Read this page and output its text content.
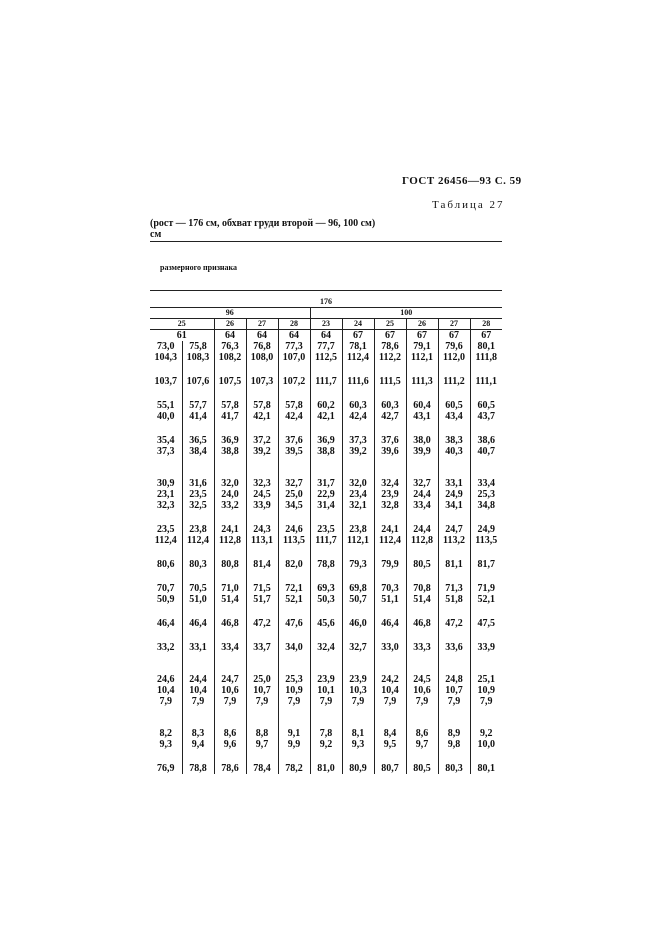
ГОСТ 26456—93 С. 59
Таблица 27
(рост — 176 см, обхват груди второй — 96, 100 см)
см
размерного признака
176										
96					100					
25		26	27	28	23	24	25	26	27	28
61		64	64	64	64	67	67	67	67	67
73,0	75,8	76,3	76,8	77,3	77,7	78,1	78,6	79,1	79,6	80,1
104,3	108,3	108,2	108,0	107,0	112,5	112,4	112,2	112,1	112,0	111,8

103,7	107,6	107,5	107,3	107,2	111,7	111,6	111,5	111,3	111,2	111,1

55,1	57,7	57,8	57,8	57,8	60,2	60,3	60,3	60,4	60,5	60,5
40,0	41,4	41,7	42,1	42,4	42,1	42,4	42,7	43,1	43,4	43,7

35,4	36,5	36,9	37,2	37,6	36,9	37,3	37,6	38,0	38,3	38,6
37,3	38,4	38,8	39,2	39,5	38,8	39,2	39,6	39,9	40,3	40,7

30,9	31,6	32,0	32,3	32,7	31,7	32,0	32,4	32,7	33,1	33,4
23,1	23,5	24,0	24,5	25,0	22,9	23,4	23,9	24,4	24,9	25,3
32,3	32,5	33,2	33,9	34,5	31,4	32,1	32,8	33,4	34,1	34,8

23,5	23,8	24,1	24,3	24,6	23,5	23,8	24,1	24,4	24,7	24,9
112,4	112,4	112,8	113,1	113,5	111,7	112,1	112,4	112,8	113,2	113,5

80,6	80,3	80,8	81,4	82,0	78,8	79,3	79,9	80,5	81,1	81,7

70,7	70,5	71,0	71,5	72,1	69,3	69,8	70,3	70,8	71,3	71,9
50,9	51,0	51,4	51,7	52,1	50,3	50,7	51,1	51,4	51,8	52,1

46,4	46,4	46,8	47,2	47,6	45,6	46,0	46,4	46,8	47,2	47,5

33,2	33,1	33,4	33,7	34,0	32,4	32,7	33,0	33,3	33,6	33,9

24,6	24,4	24,7	25,0	25,3	23,9	23,9	24,2	24,5	24,8	25,1
10,4	10,4	10,6	10,7	10,9	10,1	10,3	10,4	10,6	10,7	10,9
7,9	7,9	7,9	7,9	7,9	7,9	7,9	7,9	7,9	7,9	7,9

8,2	8,3	8,6	8,8	9,1	7,8	8,1	8,4	8,6	8,9	9,2
9,3	9,4	9,6	9,7	9,9	9,2	9,3	9,5	9,7	9,8	10,0

76,9	78,8	78,6	78,4	78,2	81,0	80,9	80,7	80,5	80,3	80,1
